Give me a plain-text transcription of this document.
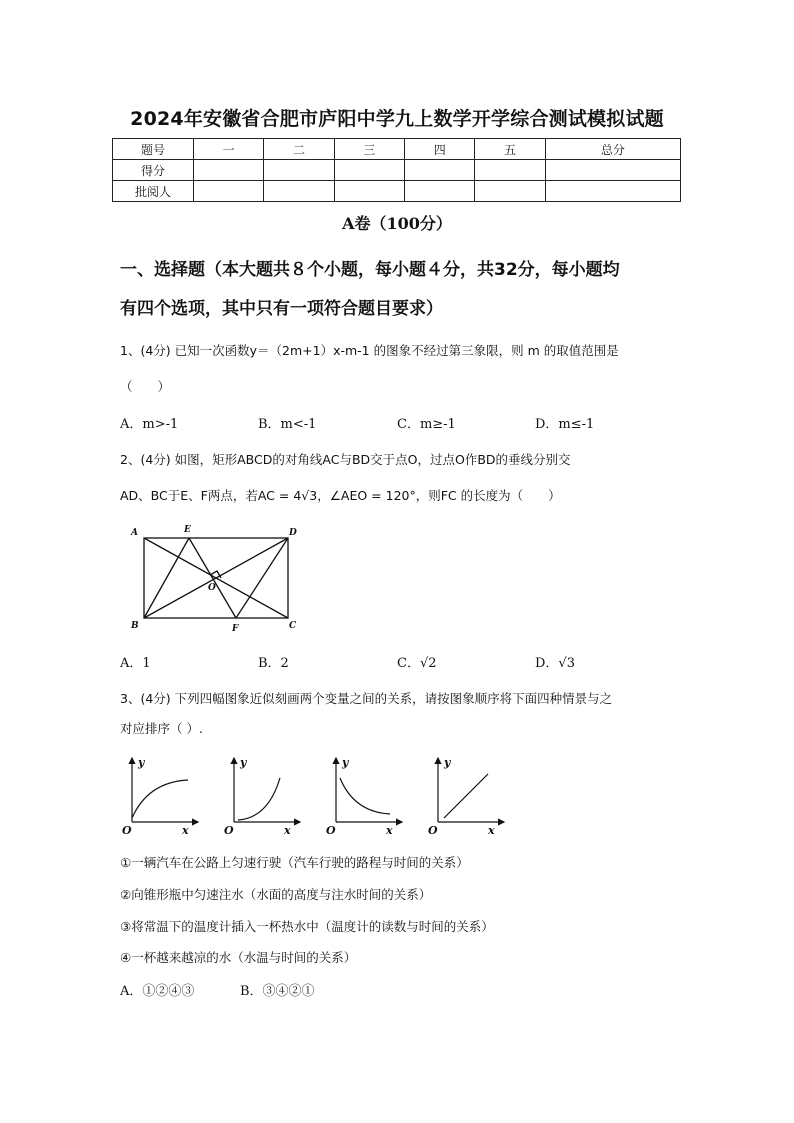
2024年安徽省合肥市庐阳中学九上数学开学综合测试模拟试题
题号	一	二	三	四	五	总分
得分						
批阅人						
A卷（100分）
一、选择题（本大题共８个小题，每小题４分，共32分，每小题均
有四个选项，其中只有一项符合题目要求）
1、(4分) 已知一次函数y＝（2m+1）x-m-1 的图象不经过第三象限，则 m 的取值范围是
（　　）
A．m>-1	B．m<-1	C．m≥-1	D．m≤-1
2、(4分) 如图，矩形ABCD的对角线AC与BD交于点O，过点O作BD的垂线分别交
AD、BC于E、F两点，若AC = 4√3，∠AEO = 120°，则FC 的长度为（　　）
A	E	D
O
B	F	C
A．1	B．2	C．√2	D．√3
3、(4分) 下列四幅图象近似刻画两个变量之间的关系，请按图象顺序将下面四种情景与之
对应排序（ ）.
y
x
O
y
x
O
y
x
O
y
x
O
①一辆汽车在公路上匀速行驶（汽车行驶的路程与时间的关系）
②向锥形瓶中匀速注水（水面的高度与注水时间的关系）
③将常温下的温度计插入一杯热水中（温度计的读数与时间的关系）
④一杯越来越凉的水（水温与时间的关系）
A．①②④③	B．③④②①
